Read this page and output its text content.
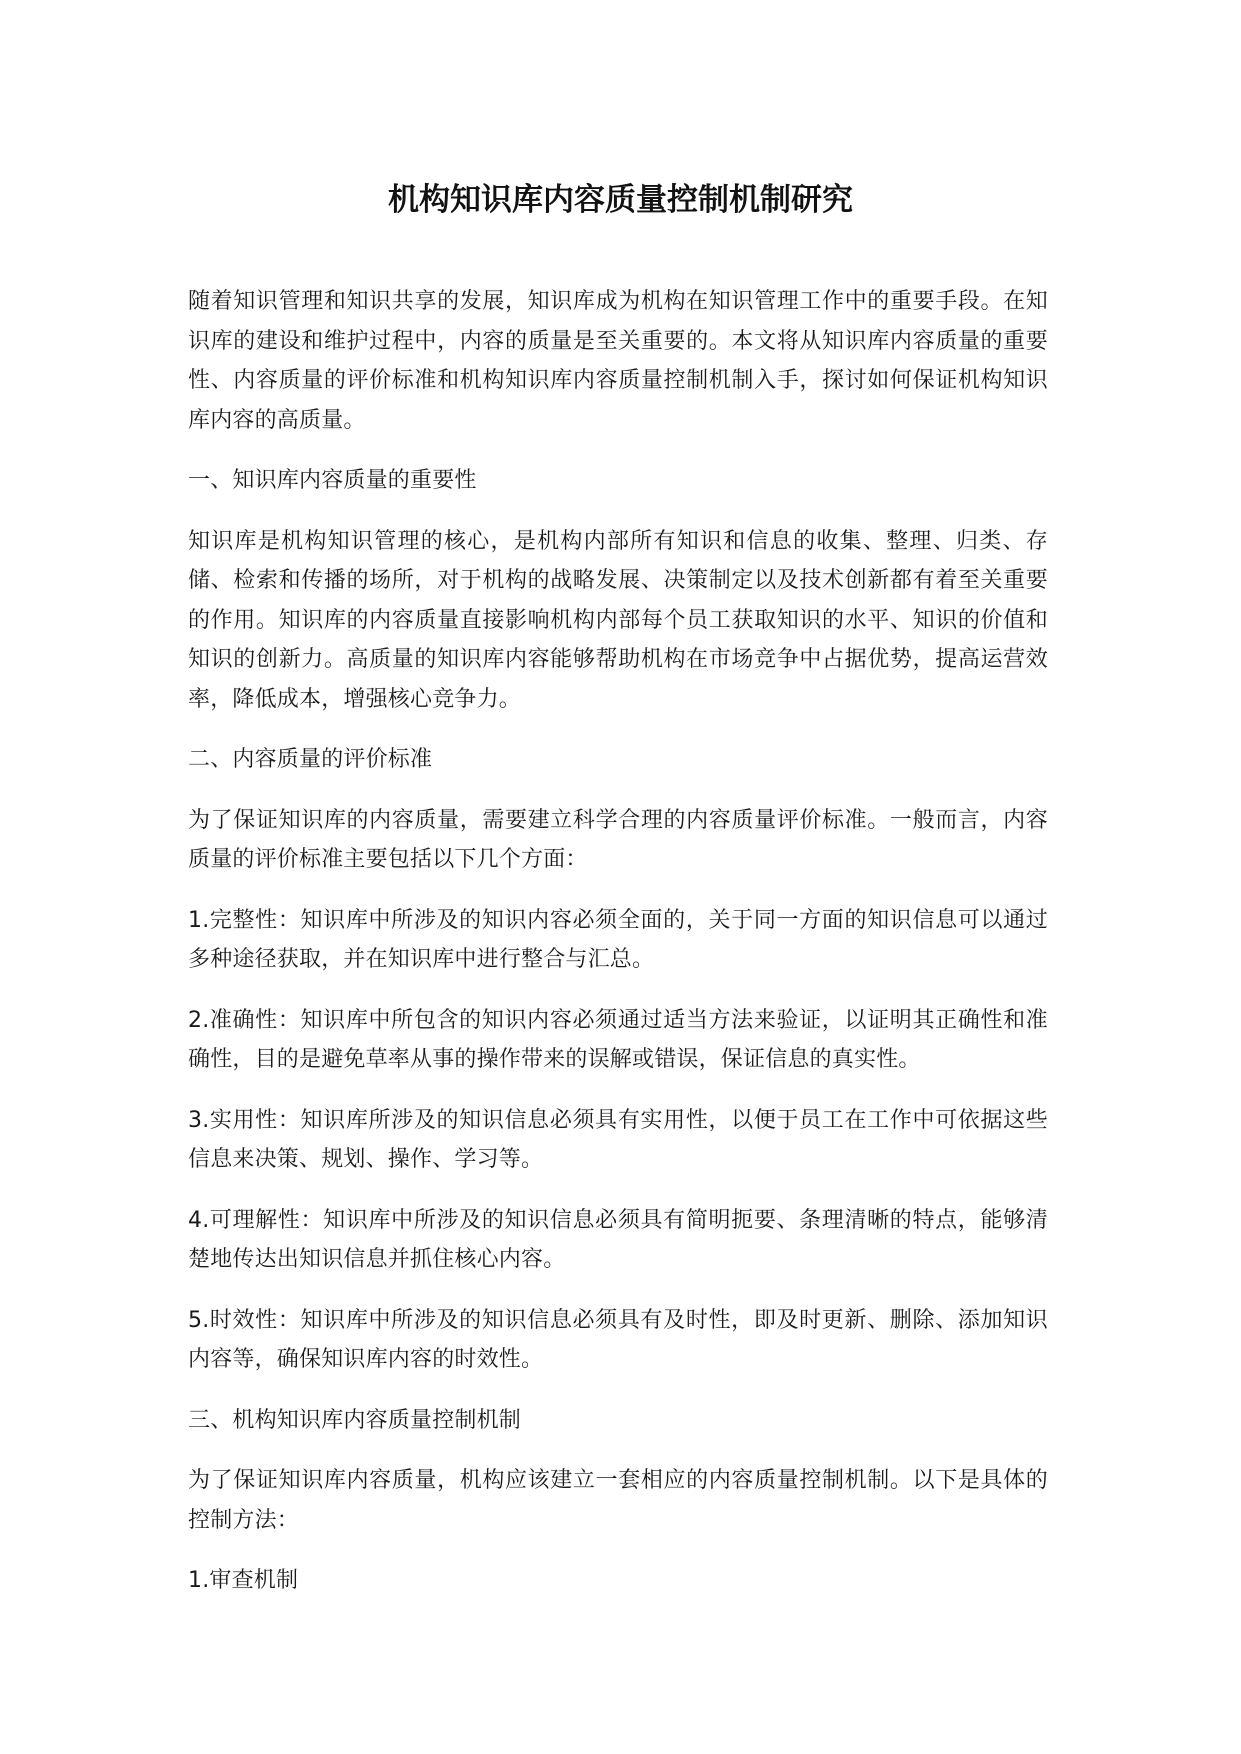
机构知识库内容质量控制机制研究

随着知识管理和知识共享的发展，知识库成为机构在知识管理工作中的重要手段。在知识库的建设和维护过程中，内容的质量是至关重要的。本文将从知识库内容质量的重要性、内容质量的评价标准和机构知识库内容质量控制机制入手，探讨如何保证机构知识库内容的高质量。

一、知识库内容质量的重要性

知识库是机构知识管理的核心，是机构内部所有知识和信息的收集、整理、归类、存储、检索和传播的场所，对于机构的战略发展、决策制定以及技术创新都有着至关重要的作用。知识库的内容质量直接影响机构内部每个员工获取知识的水平、知识的价值和知识的创新力。高质量的知识库内容能够帮助机构在市场竞争中占据优势，提高运营效率，降低成本，增强核心竞争力。

二、内容质量的评价标准

为了保证知识库的内容质量，需要建立科学合理的内容质量评价标准。一般而言，内容质量的评价标准主要包括以下几个方面：

1.完整性：知识库中所涉及的知识内容必须全面的，关于同一方面的知识信息可以通过多种途径获取，并在知识库中进行整合与汇总。

2.准确性：知识库中所包含的知识内容必须通过适当方法来验证，以证明其正确性和准确性，目的是避免草率从事的操作带来的误解或错误，保证信息的真实性。

3.实用性：知识库所涉及的知识信息必须具有实用性，以便于员工在工作中可依据这些信息来决策、规划、操作、学习等。

4.可理解性：知识库中所涉及的知识信息必须具有简明扼要、条理清晰的特点，能够清楚地传达出知识信息并抓住核心内容。

5.时效性：知识库中所涉及的知识信息必须具有及时性，即及时更新、删除、添加知识内容等，确保知识库内容的时效性。

三、机构知识库内容质量控制机制

为了保证知识库内容质量，机构应该建立一套相应的内容质量控制机制。以下是具体的控制方法：

1.审查机制
